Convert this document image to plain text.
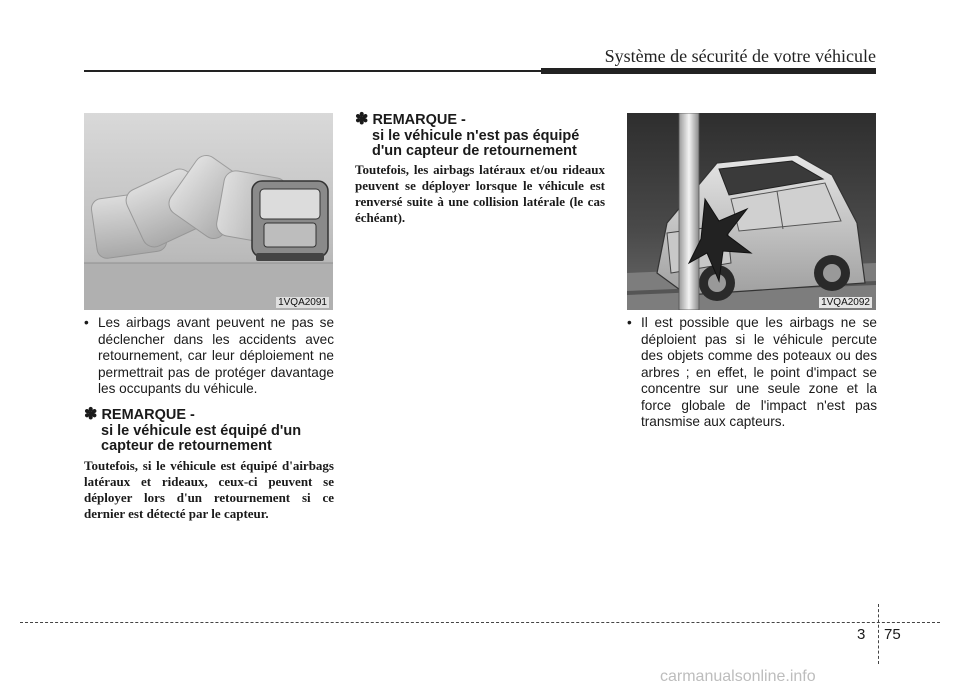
Système de sécurité de votre véhicule
1VQA2091	1VQA2092
• Les airbags avant peuvent ne pas se déclencher dans les accidents avec retournement, car leur déploiement ne permettrait pas de protéger davantage les occupants du véhicule.
✽ REMARQUE -
si le véhicule est équipé d'un
capteur de retournement
Toutefois, si le véhicule est équipé d'airbags latéraux et rideaux, ceux-ci peuvent se déployer lors d'un retournement si ce dernier est détecté par le capteur.
✽ REMARQUE -
si le véhicule n'est pas équipé
d'un capteur de retournement
Toutefois, les airbags latéraux et/ou rideaux peuvent se déployer lorsque le véhicule est renversé suite à une collision latérale (le cas échéant).
• Il est possible que les airbags ne se déploient pas si le véhicule percute des objets comme des poteaux ou des arbres ; en effet, le point d'impact se concentre sur une seule zone et la force globale de l'impact n'est pas transmise aux capteurs.
3 75
carmanualsonline.info
